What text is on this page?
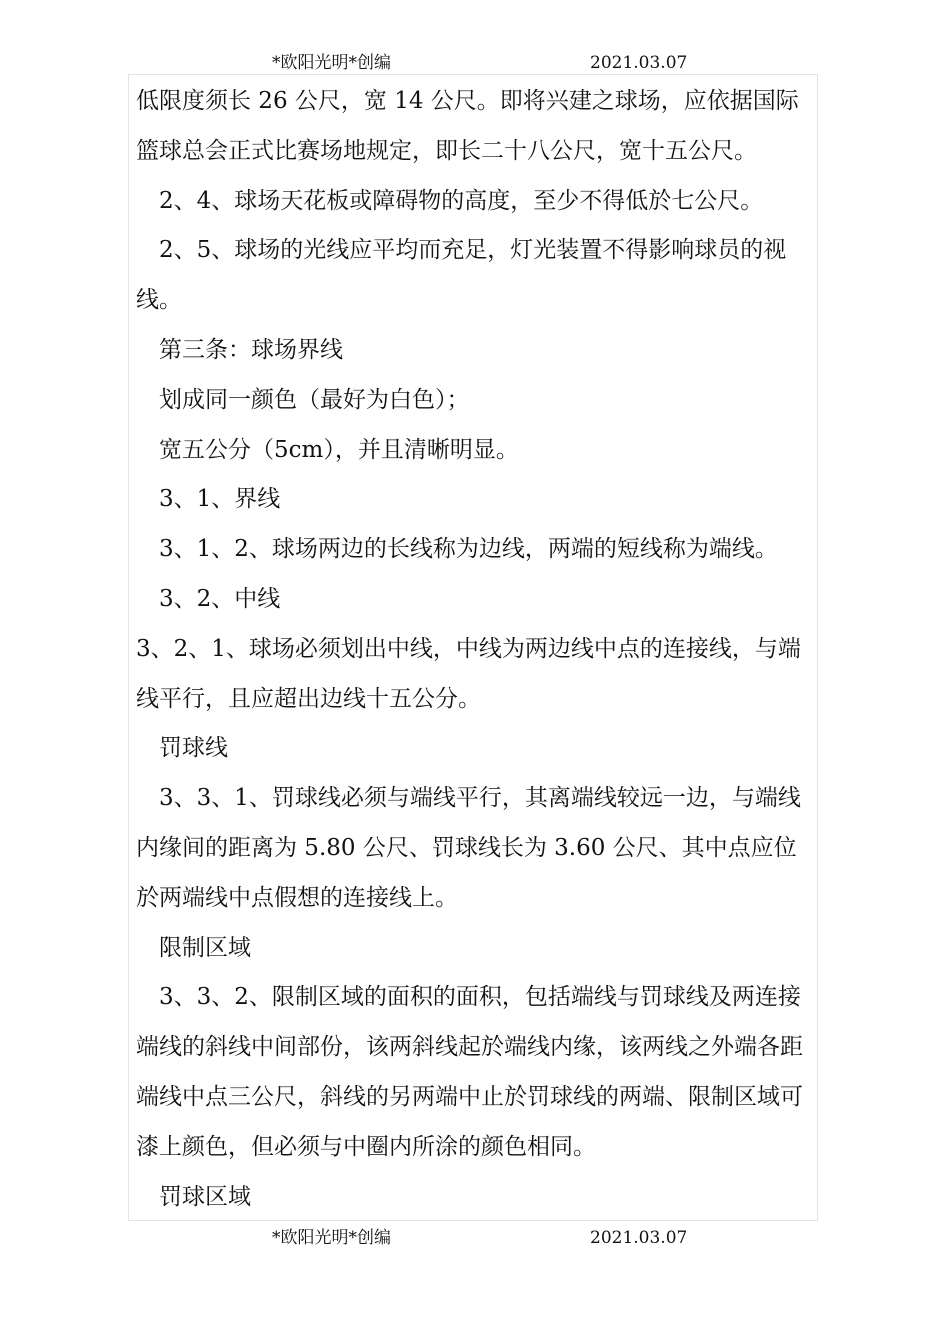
*欧阳光明*创编	2021.03.07

低限度须长 26 公尺，宽 14 公尺。即将兴建之球场，应依据国际篮球总会正式比赛场地规定，即长二十八公尺，宽十五公尺。

2、4、球场天花板或障碍物的高度，至少不得低於七公尺。

2、5、球场的光线应平均而充足，灯光装置不得影响球员的视线。

第三条：球场界线

划成同一颜色（最好为白色）；

宽五公分（5cm），并且清晰明显。

3、1、界线

3、1、2、球场两边的长线称为边线，两端的短线称为端线。

3、2、中线

3、2、1、球场必须划出中线，中线为两边线中点的连接线，与端线平行，且应超出边线十五公分。

罚球线

3、3、1、罚球线必须与端线平行，其离端线较远一边，与端线内缘间的距离为 5.80 公尺、罚球线长为 3.60 公尺、其中点应位於两端线中点假想的连接线上。

限制区域

3、3、2、限制区域的面积的面积，包括端线与罚球线及两连接端线的斜线中间部份，该两斜线起於端线内缘，该两线之外端各距端线中点三公尺，斜线的另两端中止於罚球线的两端、限制区域可漆上颜色，但必须与中圈内所涂的颜色相同。

罚球区域

*欧阳光明*创编	2021.03.07
